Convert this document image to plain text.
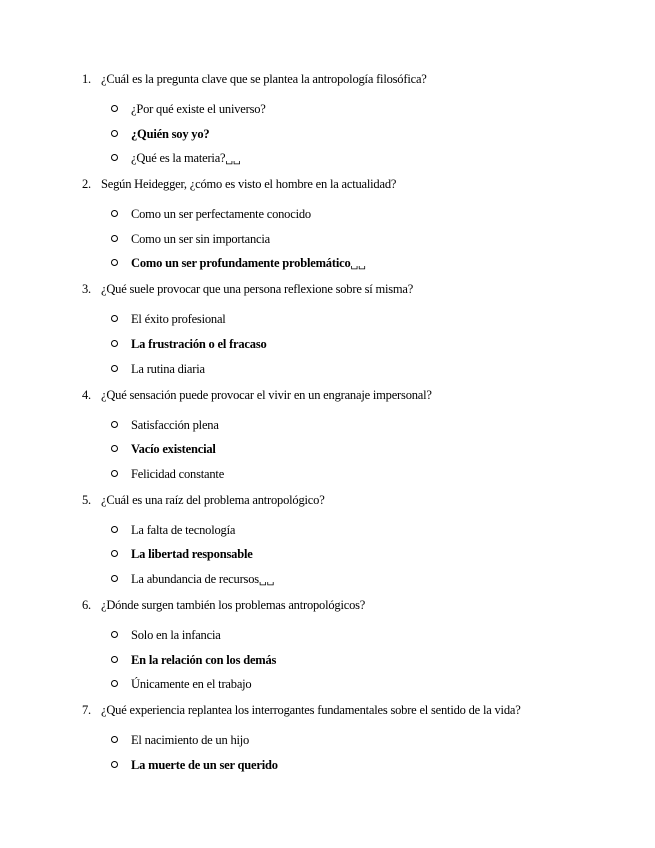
1. ¿Cuál es la pregunta clave que se plantea la antropología filosófica?
¿Por qué existe el universo?
¿Quién soy yo?
¿Qué es la materia?␣␣
2. Según Heidegger, ¿cómo es visto el hombre en la actualidad?
Como un ser perfectamente conocido
Como un ser sin importancia
Como un ser profundamente problemático␣␣
3. ¿Qué suele provocar que una persona reflexione sobre sí misma?
El éxito profesional
La frustración o el fracaso
La rutina diaria
4. ¿Qué sensación puede provocar el vivir en un engranaje impersonal?
Satisfacción plena
Vacío existencial
Felicidad constante
5. ¿Cuál es una raíz del problema antropológico?
La falta de tecnología
La libertad responsable
La abundancia de recursos␣␣
6. ¿Dónde surgen también los problemas antropológicos?
Solo en la infancia
En la relación con los demás
Únicamente en el trabajo
7. ¿Qué experiencia replantea los interrogantes fundamentales sobre el sentido de la vida?
El nacimiento de un hijo
La muerte de un ser querido
